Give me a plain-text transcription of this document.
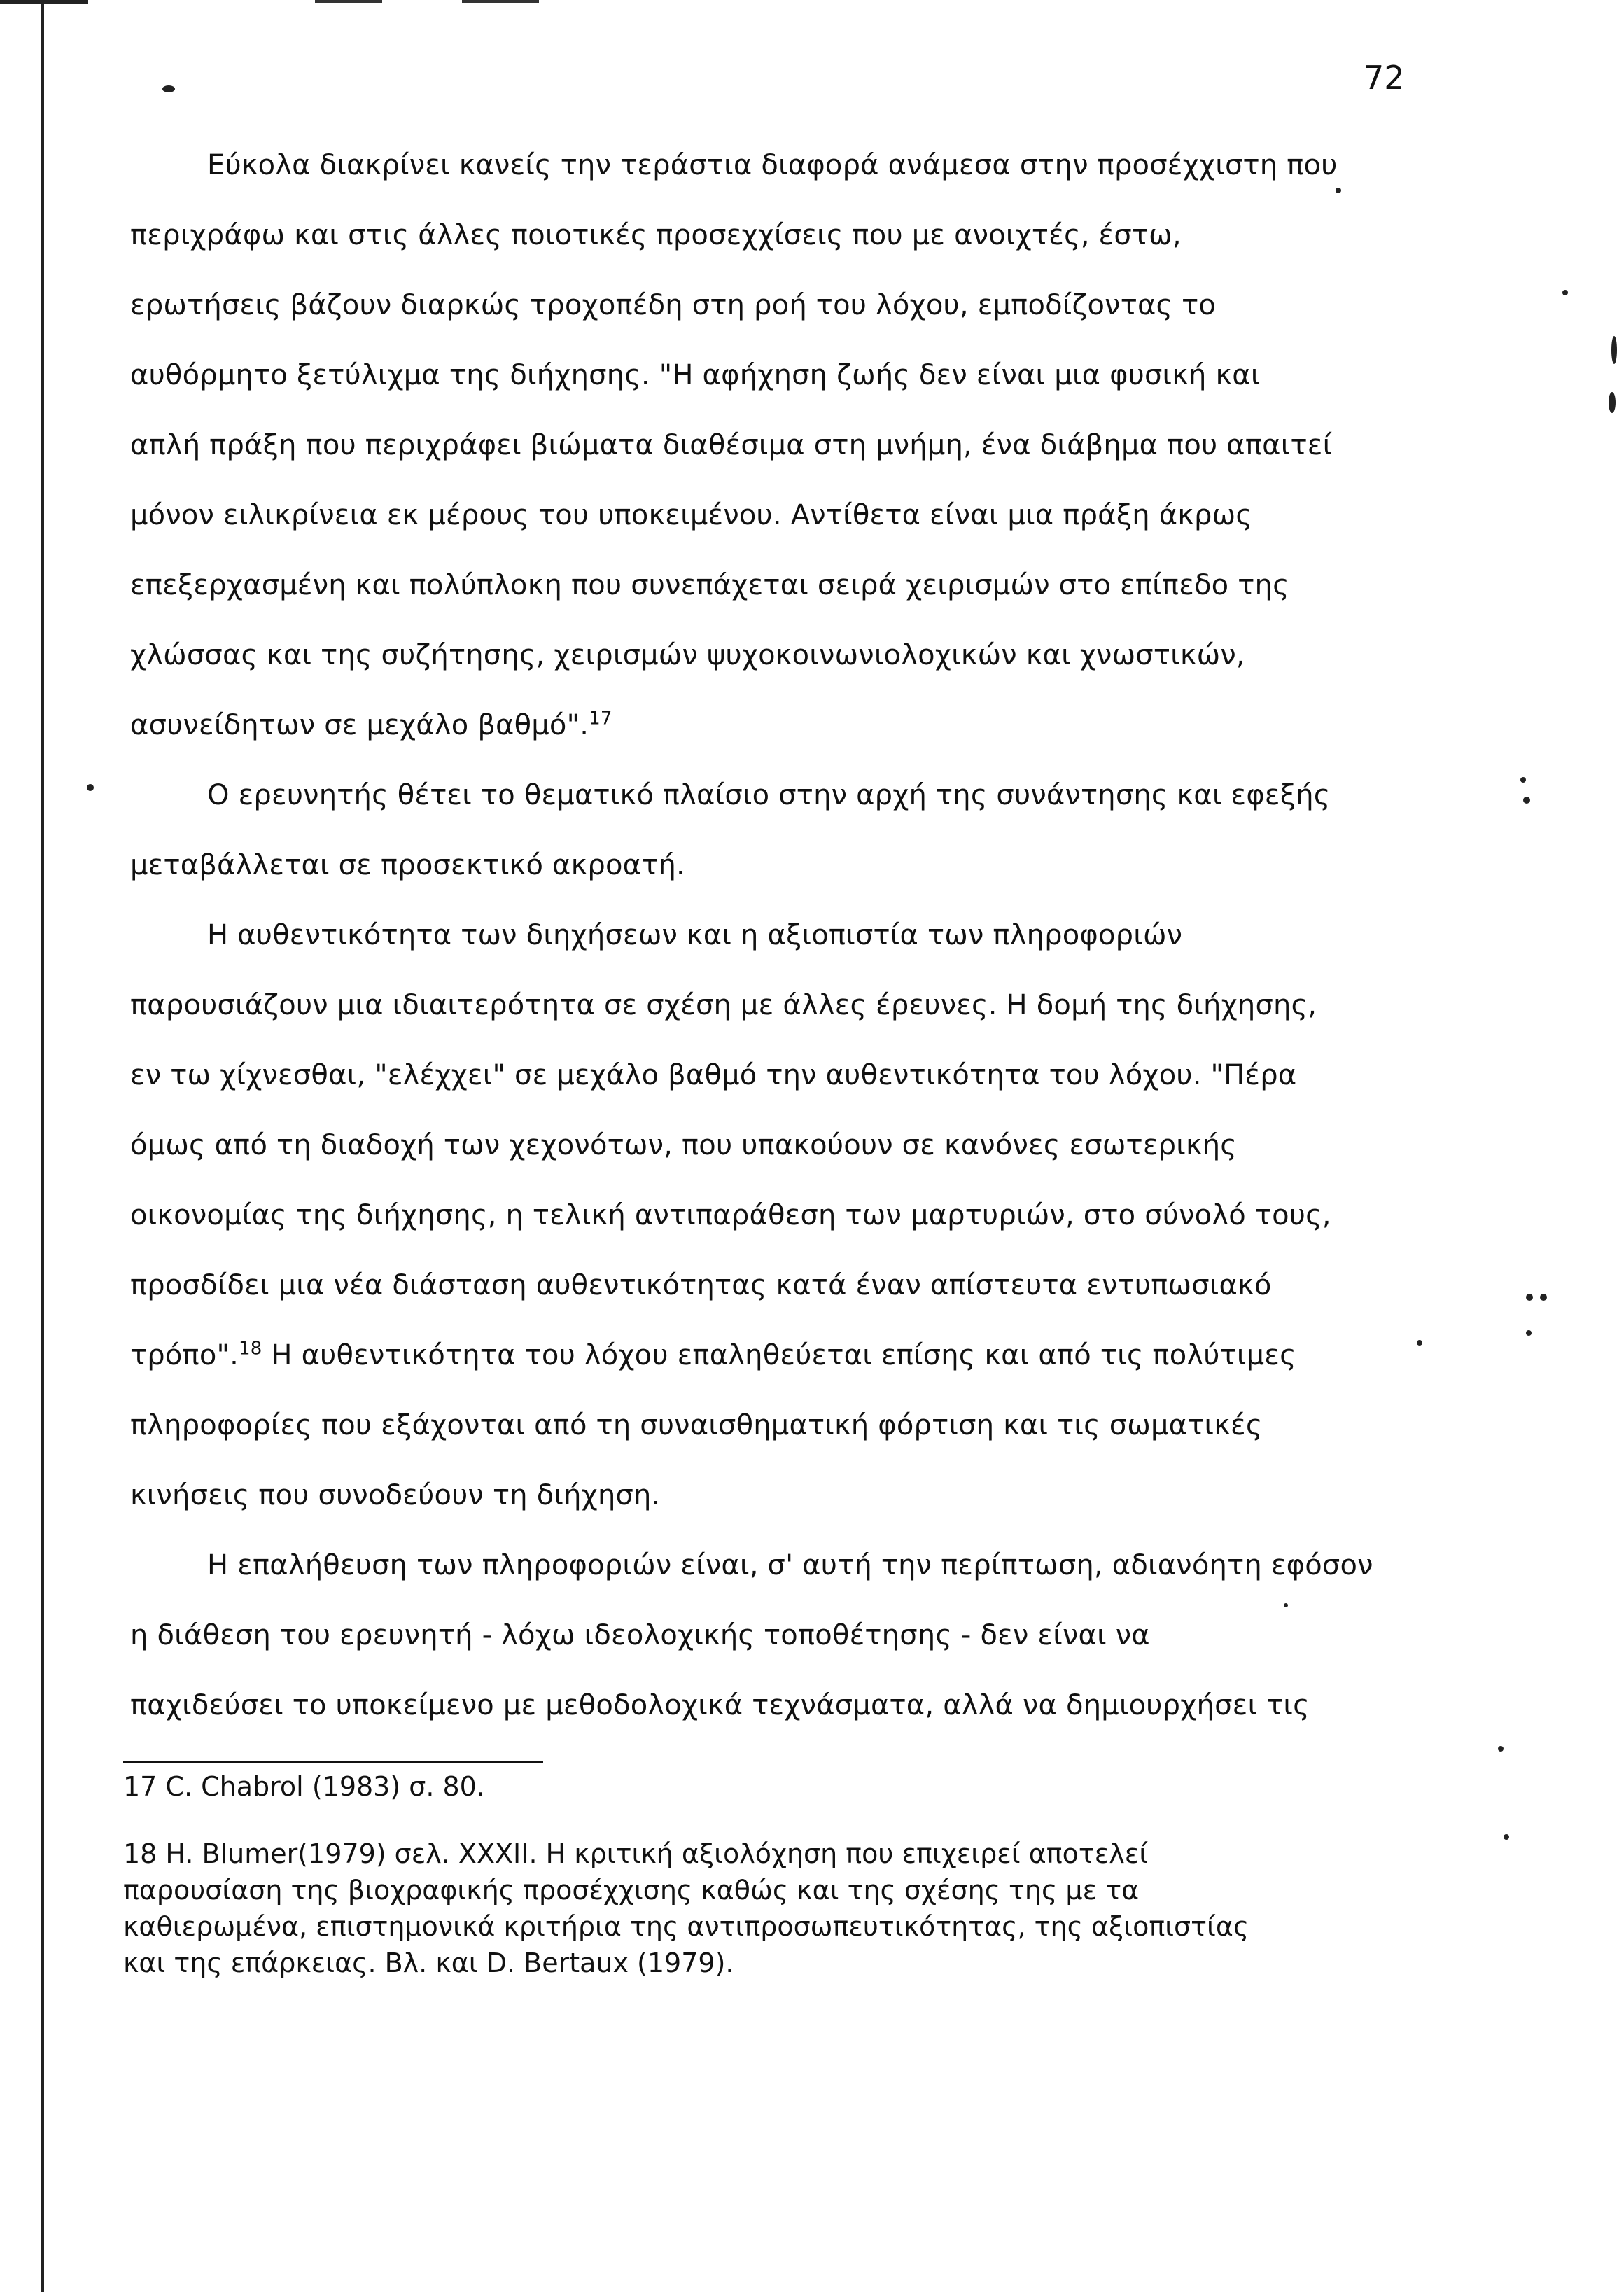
72
Εύκολα διακρίνει κανείς την τεράστια διαφορά ανάμεσα στην προσέχχιστη που
περιχράφω και στις άλλες ποιοτικές προσεχχίσεις που με ανοιχτές, έστω,
ερωτήσεις βάζουν διαρκώς τροχοπέδη στη ροή του λόχου, εμποδίζοντας το
αυθόρμητο ξετύλιχμα της διήχησης. "Η αφήχηση ζωής δεν είναι μια φυσική και
απλή πράξη που περιχράφει βιώματα διαθέσιμα στη μνήμη, ένα διάβημα που απαιτεί
μόνον ειλικρίνεια εκ μέρους του υποκειμένου. Αντίθετα είναι μια πράξη άκρως
επεξερχασμένη και πολύπλοκη που συνεπάχεται σειρά χειρισμών στο επίπεδο της
χλώσσας και της συζήτησης, χειρισμών ψυχοκοινωνιολοχικών και χνωστικών,
ασυνείδητων σε μεχάλο βαθμό".$^{17}$
Ο ερευνητής θέτει το θεματικό πλαίσιο στην αρχή της συνάντησης και εφεξής
μεταβάλλεται σε προσεκτικό ακροατή.
Η αυθεντικότητα των διηχήσεων και η αξιοπιστία των πληροφοριών
παρουσιάζουν μια ιδιαιτερότητα σε σχέση με άλλες έρευνες. Η δομή της διήχησης,
εν τω χίχνεσθαι, "ελέχχει" σε μεχάλο βαθμό την αυθεντικότητα του λόχου. "Πέρα
όμως από τη διαδοχή των χεχονότων, που υπακούουν σε κανόνες εσωτερικής
οικονομίας της διήχησης, η τελική αντιπαράθεση των μαρτυριών, στο σύνολό τους,
προσδίδει μια νέα διάσταση αυθεντικότητας κατά έναν απίστευτα εντυπωσιακό
τρόπο".$^{18}$ Η αυθεντικότητα του λόχου επαληθεύεται επίσης και από τις πολύτιμες
πληροφορίες που εξάχονται από τη συναισθηματική φόρτιση και τις σωματικές
κινήσεις που συνοδεύουν τη διήχηση.
Η επαλήθευση των πληροφοριών είναι, σ' αυτή την περίπτωση, αδιανόητη εφόσον
η διάθεση του ερευνητή - λόχω ιδεολοχικής τοποθέτησης - δεν είναι να
παχιδεύσει το υποκείμενο με μεθοδολοχικά τεχνάσματα, αλλά να δημιουρχήσει τις
17 C. Chabrol (1983) σ. 80.
18 H. Blumer(1979) σελ. XXXII. Η κριτική αξιολόχηση που επιχειρεί αποτελεί
παρουσίαση της βιοχραφικής προσέχχισης καθώς και της σχέσης της με τα
καθιερωμένα, επιστημονικά κριτήρια της αντιπροσωπευτικότητας, της αξιοπιστίας
και της επάρκειας. Βλ. και D. Bertaux (1979).
